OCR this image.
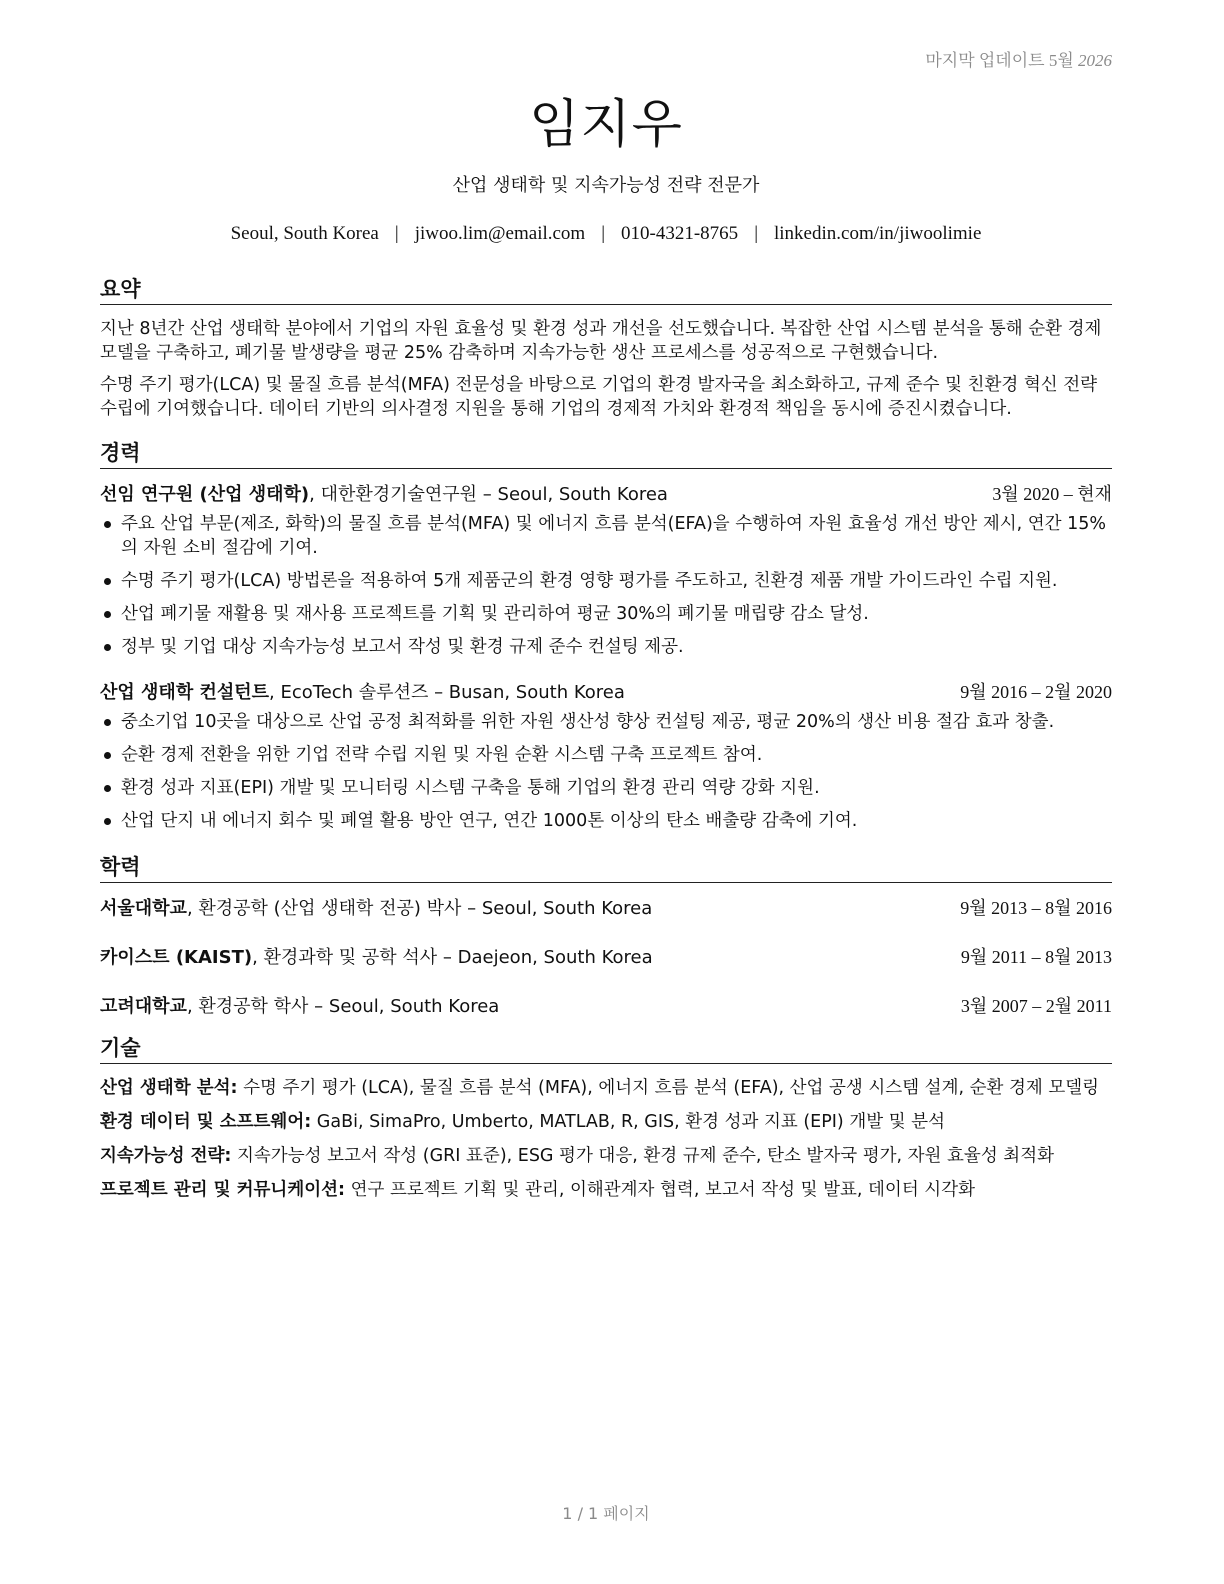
마지막 업데이트 5월 2026
임지우
산업 생태학 및 지속가능성 전략 전문가
Seoul, South Korea | jiwoo.lim@email.com | 010-4321-8765 | linkedin.com/in/jiwoolimie
요약

지난 8년간 산업 생태학 분야에서 기업의 자원 효율성 및 환경 성과 개선을 선도했습니다. 복잡한 산업 시스템 분석을 통해 순환 경제 모델을 구축하고, 폐기물 발생량을 평균 25% 감축하며 지속가능한 생산 프로세스를 성공적으로 구현했습니다.

수명 주기 평가(LCA) 및 물질 흐름 분석(MFA) 전문성을 바탕으로 기업의 환경 발자국을 최소화하고, 규제 준수 및 친환경 혁신 전략 수립에 기여했습니다. 데이터 기반의 의사결정 지원을 통해 기업의 경제적 가치와 환경적 책임을 동시에 증진시켰습니다.

경력
선임 연구원 (산업 생태학), 대한환경기술연구원 – Seoul, South Korea	3월 2020 – 현재
주요 산업 부문(제조, 화학)의 물질 흐름 분석(MFA) 및 에너지 흐름 분석(EFA)을 수행하여 자원 효율성 개선 방안 제시, 연간 15%의 자원 소비 절감에 기여.
수명 주기 평가(LCA) 방법론을 적용하여 5개 제품군의 환경 영향 평가를 주도하고, 친환경 제품 개발 가이드라인 수립 지원.
산업 폐기물 재활용 및 재사용 프로젝트를 기획 및 관리하여 평균 30%의 폐기물 매립량 감소 달성.
정부 및 기업 대상 지속가능성 보고서 작성 및 환경 규제 준수 컨설팅 제공.
산업 생태학 컨설턴트, EcoTech 솔루션즈 – Busan, South Korea	9월 2016 – 2월 2020
중소기업 10곳을 대상으로 산업 공정 최적화를 위한 자원 생산성 향상 컨설팅 제공, 평균 20%의 생산 비용 절감 효과 창출.
순환 경제 전환을 위한 기업 전략 수립 지원 및 자원 순환 시스템 구축 프로젝트 참여.
환경 성과 지표(EPI) 개발 및 모니터링 시스템 구축을 통해 기업의 환경 관리 역량 강화 지원.
산업 단지 내 에너지 회수 및 폐열 활용 방안 연구, 연간 1000톤 이상의 탄소 배출량 감축에 기여.
학력
서울대학교, 환경공학 (산업 생태학 전공) 박사 – Seoul, South Korea	9월 2013 – 8월 2016
카이스트 (KAIST), 환경과학 및 공학 석사 – Daejeon, South Korea	9월 2011 – 8월 2013
고려대학교, 환경공학 학사 – Seoul, South Korea	3월 2007 – 2월 2011
기술
산업 생태학 분석: 수명 주기 평가 (LCA), 물질 흐름 분석 (MFA), 에너지 흐름 분석 (EFA), 산업 공생 시스템 설계, 순환 경제 모델링
환경 데이터 및 소프트웨어: GaBi, SimaPro, Umberto, MATLAB, R, GIS, 환경 성과 지표 (EPI) 개발 및 분석
지속가능성 전략: 지속가능성 보고서 작성 (GRI 표준), ESG 평가 대응, 환경 규제 준수, 탄소 발자국 평가, 자원 효율성 최적화
프로젝트 관리 및 커뮤니케이션: 연구 프로젝트 기획 및 관리, 이해관계자 협력, 보고서 작성 및 발표, 데이터 시각화
1 / 1 페이지
